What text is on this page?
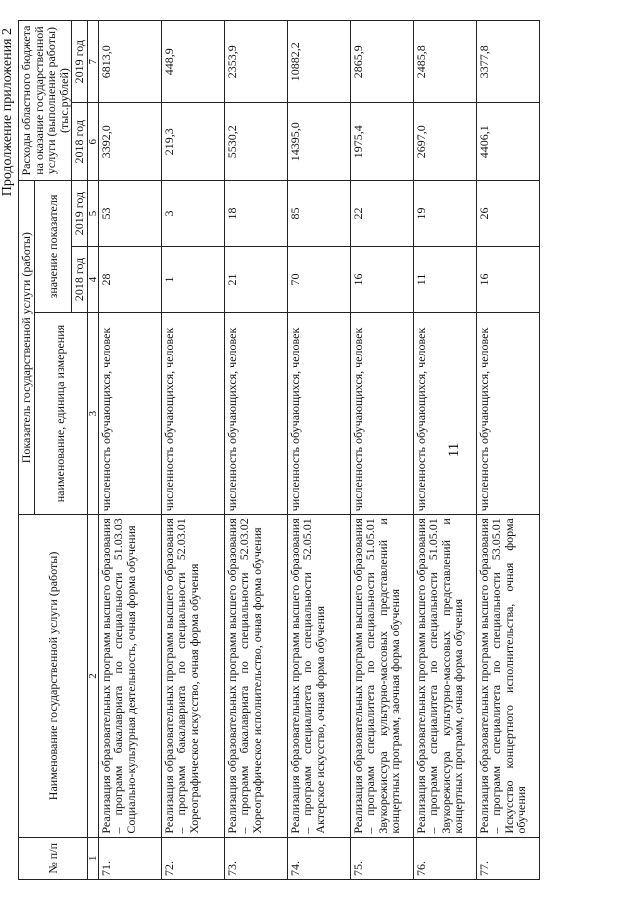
Продолжение приложения 2
№ п/п	Наименование государственной услуги (работы)	Показатель государственной услуги (работы)			Расходы областного бюджета на оказание государственной услуги (выполнение работы) (тыс.рублей)	
		наименование, единица измерения	значение показателя			
			2018 год	2019 год	2018 год	2019 год
1	2	3	4	5	6	7
71.	Реализация образовательных программ высшего образования – программ бакалавриата по специальности 51.03.03 Социально-культурная деятельность, очная форма обучения	численность обучающихся, человек	28	53	3392,0	6813,0
72.	Реализация образовательных программ высшего образования – программ бакалавриата по специальности 52.03.01 Хореографическое искусство, очная форма обучения	численность обучающихся, человек	1	3	219,3	448,9
73.	Реализация образовательных программ высшего образования – программ бакалавриата по специальности 52.03.02 Хореографическое исполнительство, очная форма обучения	численность обучающихся, человек	21	18	5530,2	2353,9
74.	Реализация образовательных программ высшего образования – программ специалитета по специальности 52.05.01 Актерское искусство, очная форма обучения	численность обучающихся, человек	70	85	14395,0	10882,2
75.	Реализация образовательных программ высшего образования – программ специалитета по специальности 51.05.01 Звукорежиссура культурно-массовых представлений и концертных программ, заочная форма обучения	численность обучающихся, человек	16	22	1975,4	2865,9
76.	Реализация образовательных программ высшего образования – программ специалитета по специальности 51.05.01 Звукорежиссура культурно-массовых представлений и концертных программ, очная форма обучения	численность обучающихся, человек	11	19	2697,0	2485,8
77.	Реализация образовательных программ высшего образования – программ специалитета по специальности 53.05.01 Искусство концертного исполнительства, очная форма обучения	численность обучающихся, человек	16	26	4406,1	3377,8
11
